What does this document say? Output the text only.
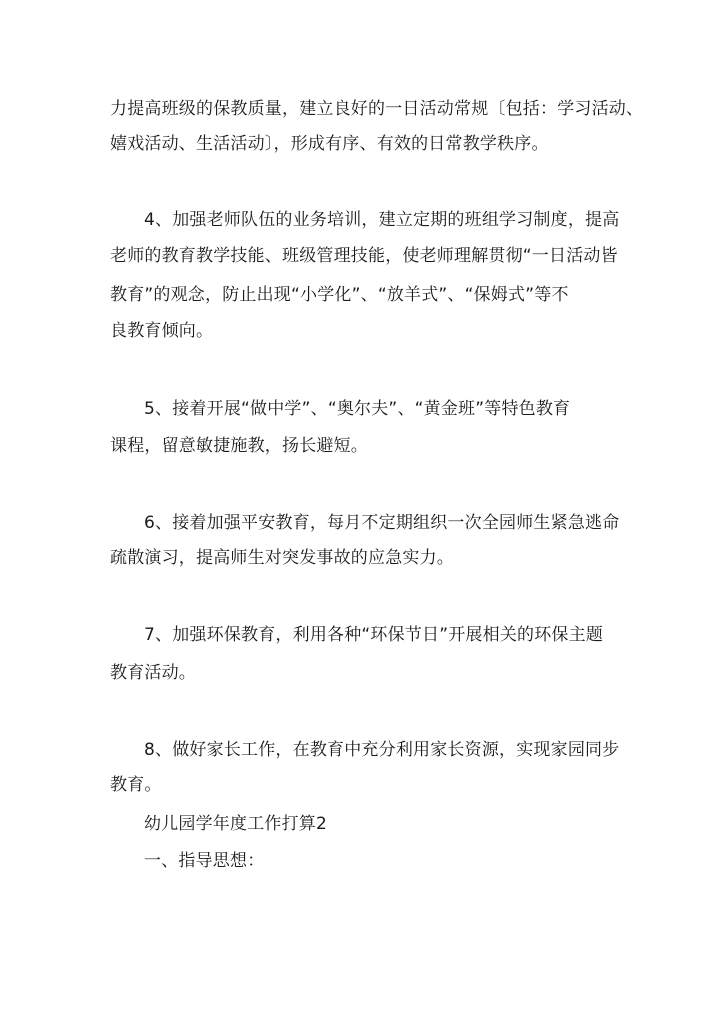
力提高班级的保教质量，建立良好的一日活动常规〔包括：学习活动、
嬉戏活动、生活活动〕，形成有序、有效的日常教学秩序。
4、加强老师队伍的业务培训，建立定期的班组学习制度，提高
老师的教育教学技能、班级管理技能，使老师理解贯彻“一日活动皆
教育”的观念，防止出现“小学化”、“放羊式”、“保姆式”等不
良教育倾向。
5、接着开展“做中学”、“奥尔夫”、“黄金班”等特色教育
课程，留意敏捷施教，扬长避短。
6、接着加强平安教育，每月不定期组织一次全园师生紧急逃命
疏散演习，提高师生对突发事故的应急实力。
7、加强环保教育，利用各种“环保节日”开展相关的环保主题
教育活动。
8、做好家长工作，在教育中充分利用家长资源，实现家园同步
教育。
幼儿园学年度工作打算2
一、指导思想：
